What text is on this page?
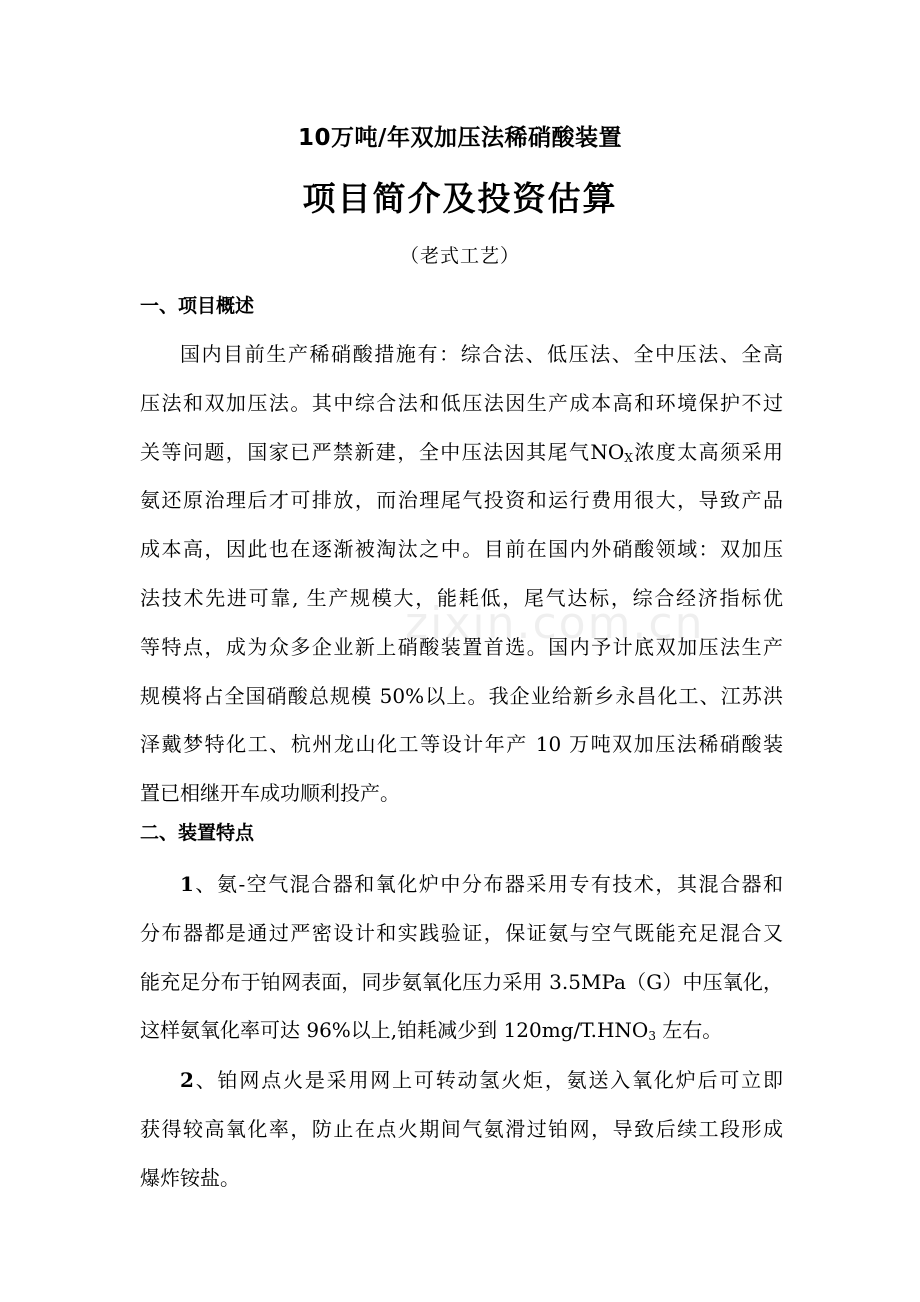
10万吨/年双加压法稀硝酸装置
项目简介及投资估算
（老式工艺）
一、项目概述
国内目前生产稀硝酸措施有：综合法、低压法、全中压法、全高
压法和双加压法。其中综合法和低压法因生产成本高和环境保护不过
关等问题，国家已严禁新建，全中压法因其尾气$NO_X$浓度太高须采用
氨还原治理后才可排放，而治理尾气投资和运行费用很大，导致产品
成本高，因此也在逐渐被淘汰之中。目前在国内外硝酸领域：双加压
法技术先进可靠, 生产规模大，能耗低，尾气达标，综合经济指标优
等特点，成为众多企业新上硝酸装置首选。国内予计底双加压法生产
规模将占全国硝酸总规模 50%以上。我企业给新乡永昌化工、江苏洪
泽戴梦特化工、杭州龙山化工等设计年产 10 万吨双加压法稀硝酸装
置已相继开车成功顺利投产。
二、装置特点
1、氨-空气混合器和氧化炉中分布器采用专有技术，其混合器和
分布器都是通过严密设计和实践验证，保证氨与空气既能充足混合又
能充足分布于铂网表面，同步氨氧化压力采用 3.5MPa（G）中压氧化，
这样氨氧化率可达 96%以上,铂耗减少到 $120mg/T.HNO_3$ 左右。
2、铂网点火是采用网上可转动氢火炬，氨送入氧化炉后可立即
获得较高氧化率，防止在点火期间气氨滑过铂网，导致后续工段形成
爆炸铵盐。
zixin.com.cn
